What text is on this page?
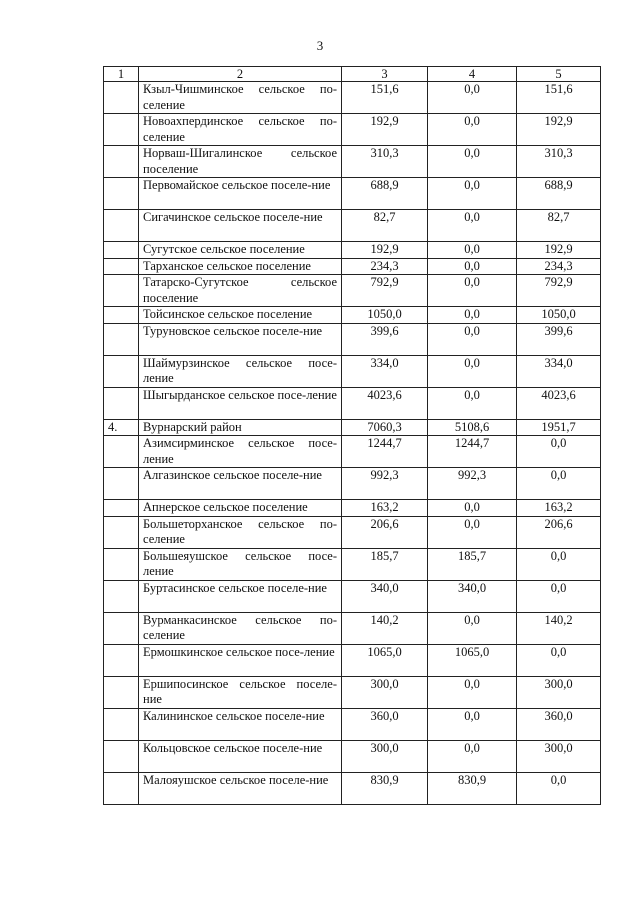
3
1	2	3	4	5
	Кзыл-Чишминское сельское по-селение	151,6	0,0	151,6
	Новоахпердинское сельское по-селение	192,9	0,0	192,9
	Норваш-Шигалинское сельское поселение	310,3	0,0	310,3
	Первомайское сельское поселе-ние	688,9	0,0	688,9
	Сигачинское сельское поселе-ние	82,7	0,0	82,7
	Сугутское сельское поселение	192,9	0,0	192,9
	Тарханское сельское поселение	234,3	0,0	234,3
	Татарско-Сугутское сельское поселение	792,9	0,0	792,9
	Тойсинское сельское поселение	1050,0	0,0	1050,0
	Туруновское сельское поселе-ние	399,6	0,0	399,6
	Шаймурзинское сельское посе-ление	334,0	0,0	334,0
	Шыгырданское сельское посе-ление	4023,6	0,0	4023,6
4.	Вурнарский район	7060,3	5108,6	1951,7
	Азимсирминское сельское посе-ление	1244,7	1244,7	0,0
	Алгазинское сельское поселе-ние	992,3	992,3	0,0
	Апнерское сельское поселение	163,2	0,0	163,2
	Большеторханское сельское по-селение	206,6	0,0	206,6
	Большеяушское сельское посе-ление	185,7	185,7	0,0
	Буртасинское сельское поселе-ние	340,0	340,0	0,0
	Вурманкасинское сельское по-селение	140,2	0,0	140,2
	Ермошкинское сельское посе-ление	1065,0	1065,0	0,0
	Ершипосинское сельское поселе-ние	300,0	0,0	300,0
	Калининское сельское поселе-ние	360,0	0,0	360,0
	Кольцовское сельское поселе-ние	300,0	0,0	300,0
	Малояушское сельское поселе-ние	830,9	830,9	0,0
